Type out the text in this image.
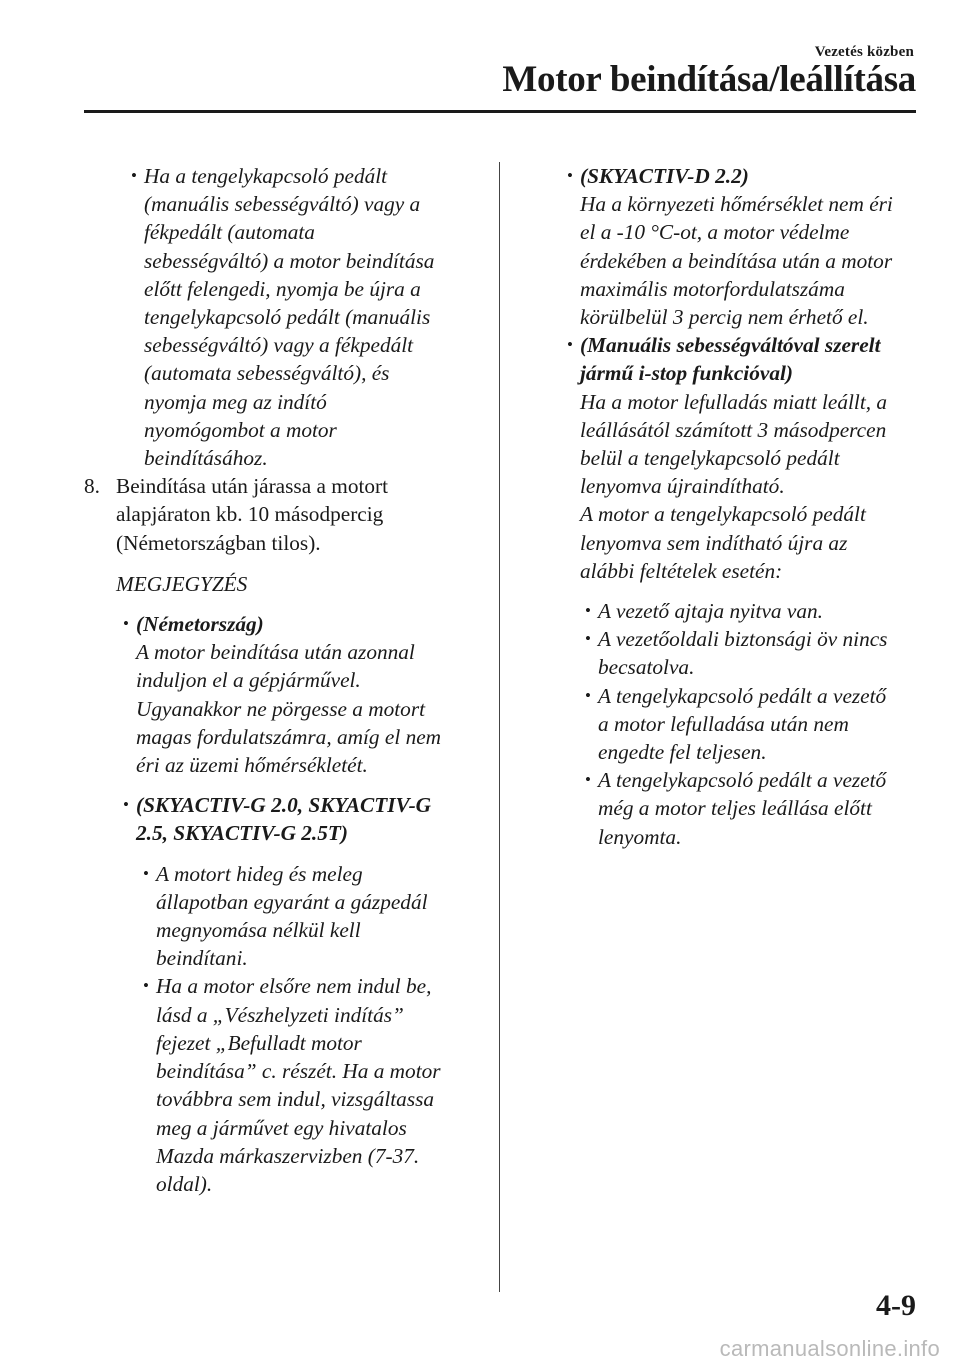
Vezetés közben
Motor beindítása/leállítása
• Ha a tengelykapcsoló pedált
(manuális sebességváltó) vagy a
fékpedált (automata
sebességváltó) a motor beindítása
előtt felengedi, nyomja be újra a
tengelykapcsoló pedált (manuális
sebességváltó) vagy a fékpedált
(automata sebességváltó), és
nyomja meg az indító
nyomógombot a motor
beindításához.
8. Beindítása után járassa a motort
alapjáraton kb. 10 másodpercig
(Németországban tilos).
MEGJEGYZÉS
• (Németország)
A motor beindítása után azonnal
induljon el a gépjárművel.
Ugyanakkor ne pörgesse a motort
magas fordulatszámra, amíg el nem
éri az üzemi hőmérsékletét.
• (SKYACTIV-G 2.0, SKYACTIV-G
2.5, SKYACTIV-G 2.5T)
• A motort hideg és meleg
állapotban egyaránt a gázpedál
megnyomása nélkül kell
beindítani.
• Ha a motor elsőre nem indul be,
lásd a „Vészhelyzeti indítás”
fejezet „Befulladt motor
beindítása” c. részét. Ha a motor
továbbra sem indul, vizsgáltassa
meg a járművet egy hivatalos
Mazda márkaszervizben (7-37.
oldal).
• (SKYACTIV-D 2.2)
Ha a környezeti hőmérséklet nem éri
el a -10 °C-ot, a motor védelme
érdekében a beindítása után a motor
maximális motorfordulatszáma
körülbelül 3 percig nem érhető el.
• (Manuális sebességváltóval szerelt
jármű i-stop funkcióval)
Ha a motor lefulladás miatt leállt, a
leállásától számított 3 másodpercen
belül a tengelykapcsoló pedált
lenyomva újraindítható.
A motor a tengelykapcsoló pedált
lenyomva sem indítható újra az
alábbi feltételek esetén:
• A vezető ajtaja nyitva van.
• A vezetőoldali biztonsági öv nincs
becsatolva.
• A tengelykapcsoló pedált a vezető
a motor lefulladása után nem
engedte fel teljesen.
• A tengelykapcsoló pedált a vezető
még a motor teljes leállása előtt
lenyomta.
4-9
carmanualsonline.info
